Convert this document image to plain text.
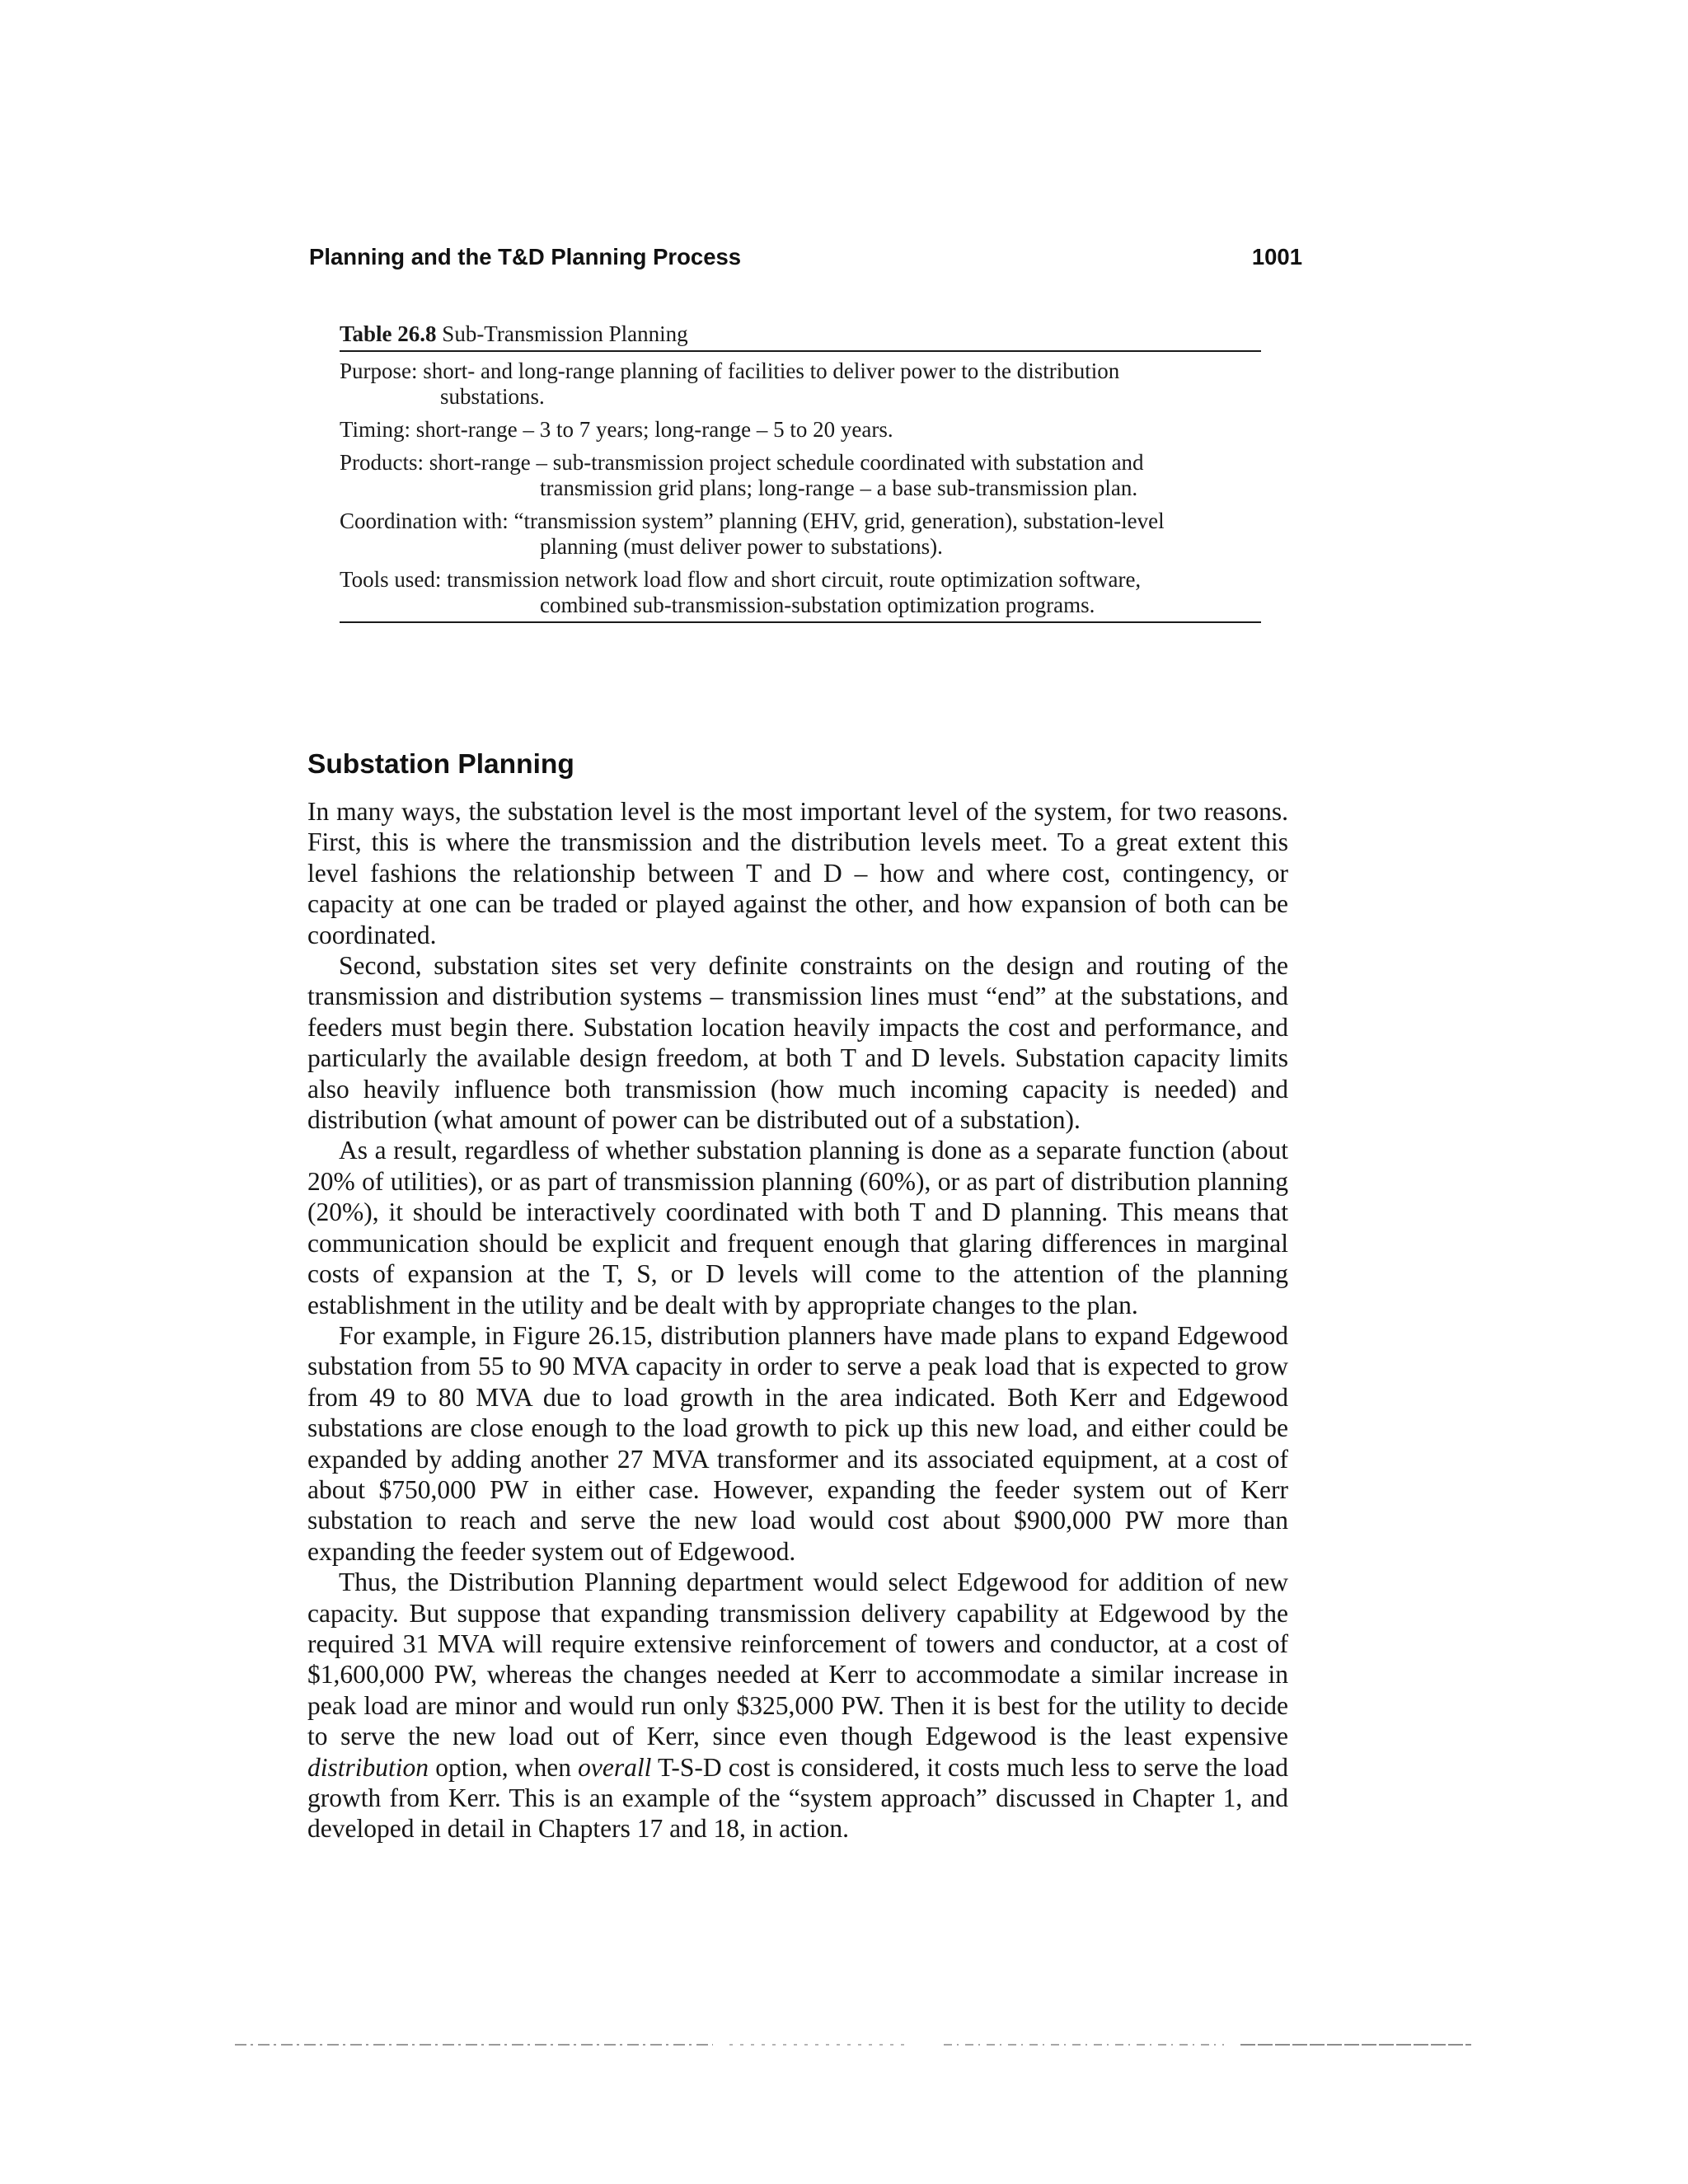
Planning and the T&D Planning Process	1001
Table 26.8 Sub-Transmission Planning
Purpose: short- and long-range planning of facilities to deliver power to the distribution
substations.
Timing: short-range – 3 to 7 years; long-range – 5 to 20 years.
Products: short-range – sub-transmission project schedule coordinated with substation and
transmission grid plans; long-range – a base sub-transmission plan.
Coordination with: “transmission system” planning (EHV, grid, generation), substation-level
planning (must deliver power to substations).
Tools used: transmission network load flow and short circuit, route optimization software,
combined sub-transmission-substation optimization programs.
Substation Planning

In many ways, the substation level is the most important level of the system, for two reasons. First, this is where the transmission and the distribution levels meet. To a great extent this level fashions the relationship between T and D – how and where cost, contingency, or capacity at one can be traded or played against the other, and how expansion of both can be coordinated.

Second, substation sites set very definite constraints on the design and routing of the transmission and distribution systems – transmission lines must “end” at the substations, and feeders must begin there. Substation location heavily impacts the cost and performance, and particularly the available design freedom, at both T and D levels. Substation capacity limits also heavily influence both transmission (how much incoming capacity is needed) and distribution (what amount of power can be distributed out of a substation).

As a result, regardless of whether substation planning is done as a separate function (about 20% of utilities), or as part of transmission planning (60%), or as part of distribution planning (20%), it should be interactively coordinated with both T and D planning. This means that communication should be explicit and frequent enough that glaring differences in marginal costs of expansion at the T, S, or D levels will come to the attention of the planning establishment in the utility and be dealt with by appropriate changes to the plan.

For example, in Figure 26.15, distribution planners have made plans to expand Edgewood substation from 55 to 90 MVA capacity in order to serve a peak load that is expected to grow from 49 to 80 MVA due to load growth in the area indicated. Both Kerr and Edgewood substations are close enough to the load growth to pick up this new load, and either could be expanded by adding another 27 MVA transformer and its associated equipment, at a cost of about $750,000 PW in either case. However, expanding the feeder system out of Kerr substation to reach and serve the new load would cost about $900,000 PW more than expanding the feeder system out of Edgewood.

Thus, the Distribution Planning department would select Edgewood for addition of new capacity. But suppose that expanding transmission delivery capability at Edgewood by the required 31 MVA will require extensive reinforcement of towers and conductor, at a cost of $1,600,000 PW, whereas the changes needed at Kerr to accommodate a similar increase in peak load are minor and would run only $325,000 PW. Then it is best for the utility to decide to serve the new load out of Kerr, since even though Edgewood is the least expensive distribution option, when overall T-S-D cost is considered, it costs much less to serve the load growth from Kerr. This is an example of the “system approach” discussed in Chapter 1, and developed in detail in Chapters 17 and 18, in action.
